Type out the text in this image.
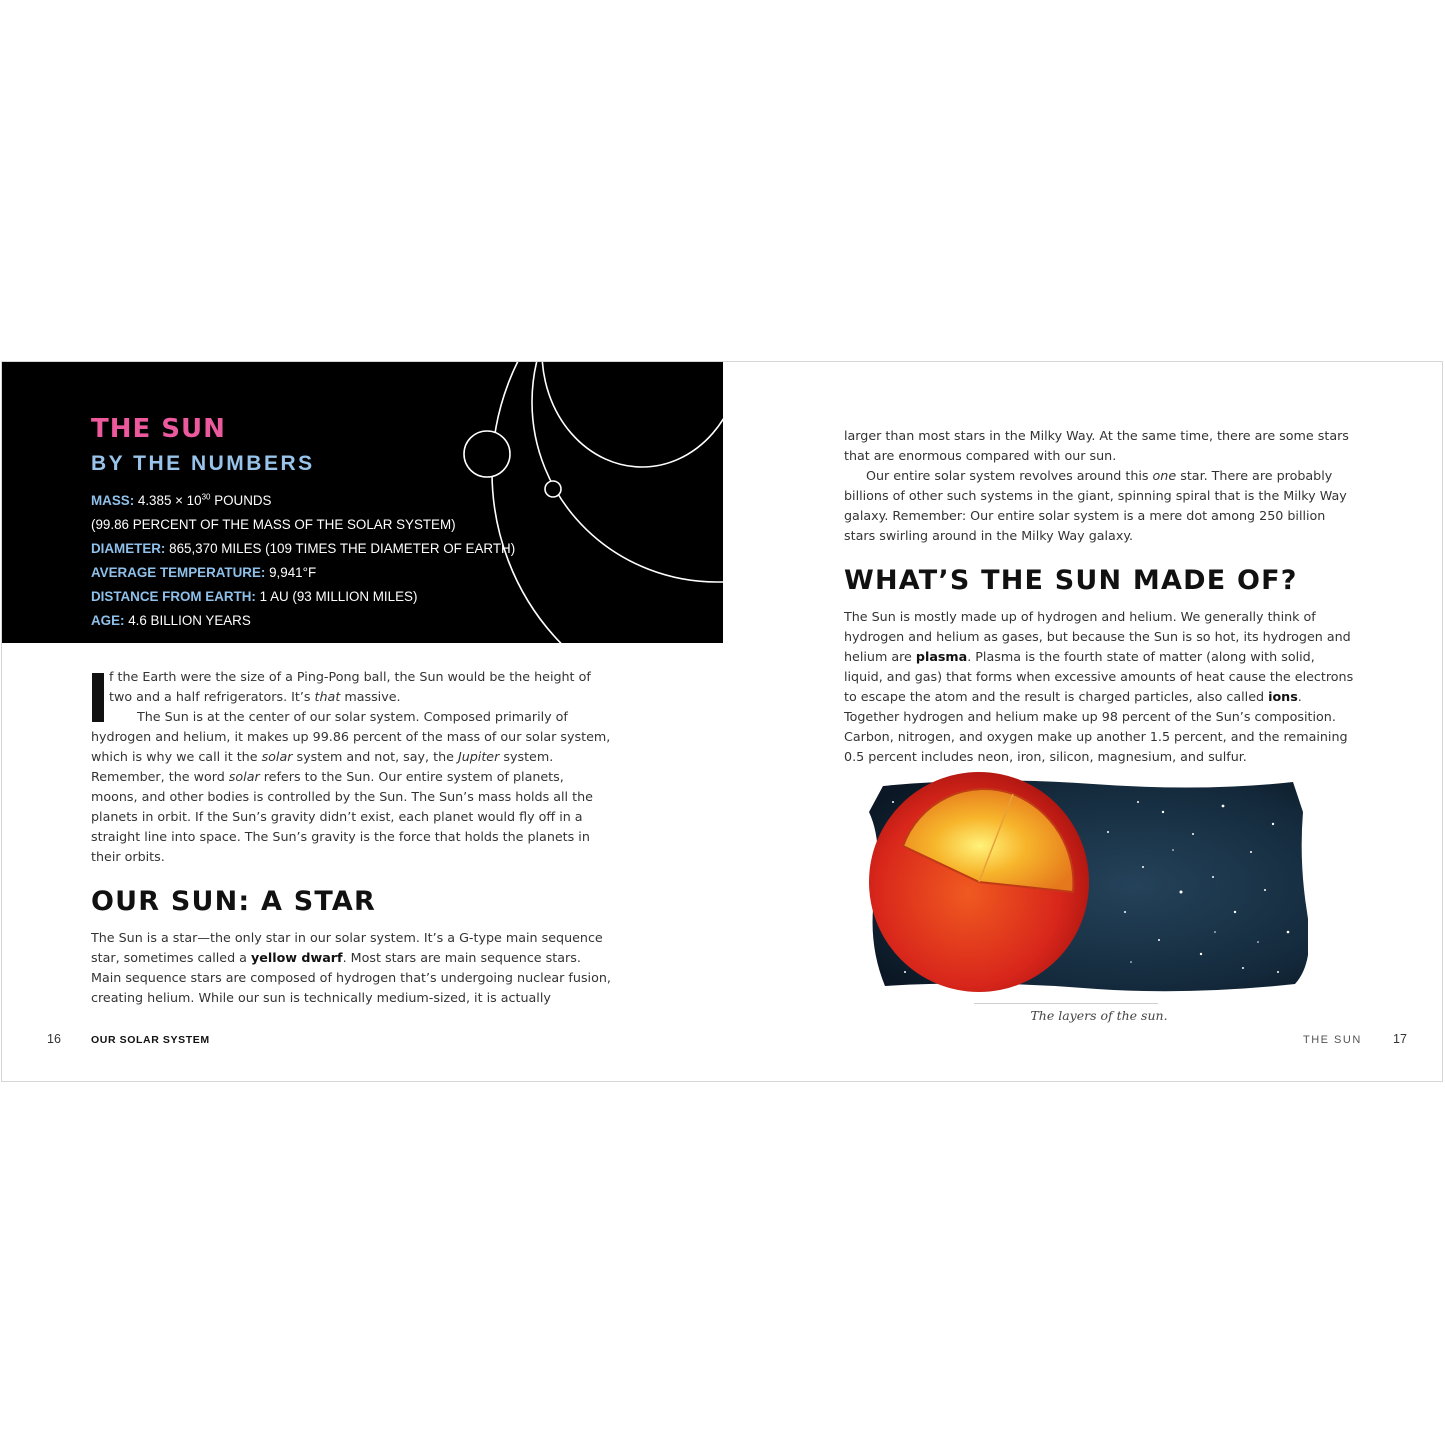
THE SUN
BY THE NUMBERS
MASS: $4.385 \times 10^{30}$ POUNDS
(99.86 PERCENT OF THE MASS OF THE SOLAR SYSTEM)
DIAMETER: 865,370 MILES (109 TIMES THE DIAMETER OF EARTH)
AVERAGE TEMPERATURE: 9,941°F
DISTANCE FROM EARTH: 1 AU (93 MILLION MILES)
AGE: 4.6 BILLION YEARS

f the Earth were the size of a Ping-Pong ball, the Sun would be the height of two and a half refrigerators. It’s that massive.

The Sun is at the center of our solar system. Composed primarily of hydrogen and helium, it makes up 99.86 percent of the mass of our solar system, which is why we call it the solar system and not, say, the Jupiter system. Remember, the word solar refers to the Sun. Our entire system of planets, moons, and other bodies is controlled by the Sun. The Sun’s mass holds all the planets in orbit. If the Sun’s gravity didn’t exist, each planet would fly off in a straight line into space. The Sun’s gravity is the force that holds the planets in their orbits.

OUR SUN: A STAR

The Sun is a star—the only star in our solar system. It’s a G-type main sequence star, sometimes called a yellow dwarf. Most stars are main sequence stars. Main sequence stars are composed of hydrogen that’s undergoing nuclear fusion, creating helium. While our sun is technically medium-sized, it is actually

16	OUR SOLAR SYSTEM

larger than most stars in the Milky Way. At the same time, there are some stars that are enormous compared with our sun.

Our entire solar system revolves around this one star. There are probably billions of other such systems in the giant, spinning spiral that is the Milky Way galaxy. Remember: Our entire solar system is a mere dot among 250 billion stars swirling around in the Milky Way galaxy.

WHAT’S THE SUN MADE OF?

The Sun is mostly made up of hydrogen and helium. We generally think of hydrogen and helium as gases, but because the Sun is so hot, its hydrogen and helium are plasma. Plasma is the fourth state of matter (along with solid, liquid, and gas) that forms when excessive amounts of heat cause the electrons to escape the atom and the result is charged particles, also called ions. Together hydrogen and helium make up 98 percent of the Sun’s composition. Carbon, nitrogen, and oxygen make up another 1.5 percent, and the remaining 0.5 percent includes neon, iron, silicon, magnesium, and sulfur.

The layers of the sun.

THE SUN 17
